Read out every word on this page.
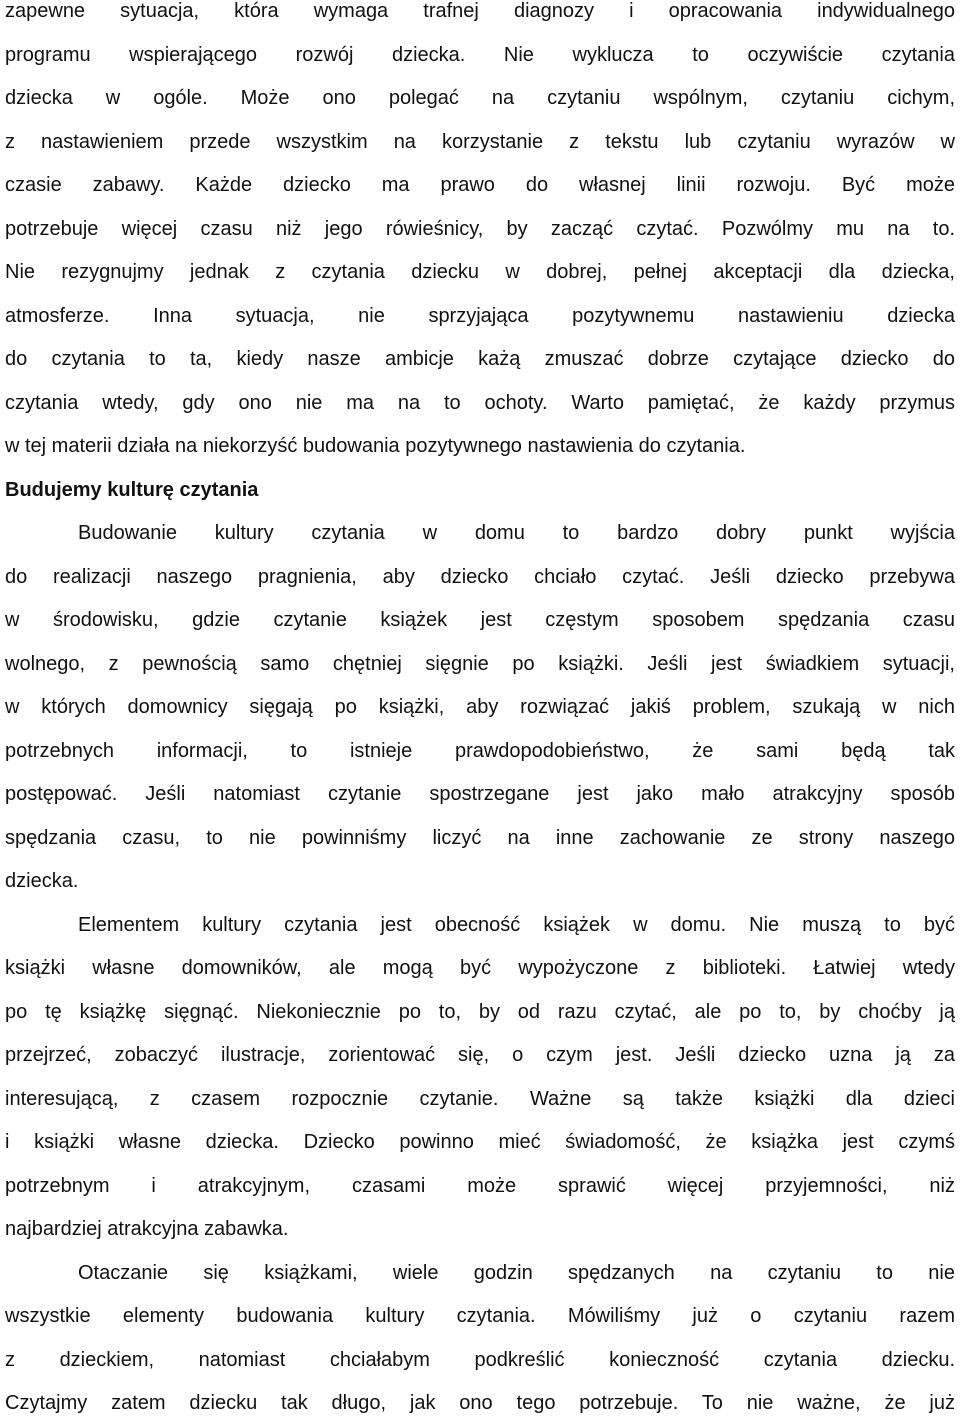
zapewne sytuacja, która wymaga trafnej diagnozy i opracowania indywidualnego
programu wspierającego rozwój dziecka. Nie wyklucza to oczywiście czytania
dziecka w ogóle. Może ono polegać na czytaniu wspólnym, czytaniu cichym,
z nastawieniem przede wszystkim na korzystanie z tekstu lub czytaniu wyrazów w
czasie zabawy. Każde dziecko ma prawo do własnej linii rozwoju. Być może
potrzebuje więcej czasu niż jego rówieśnicy, by zacząć czytać. Pozwólmy mu na to.
Nie rezygnujmy jednak z czytania dziecku w dobrej, pełnej akceptacji dla dziecka,
atmosferze. Inna sytuacja, nie sprzyjająca pozytywnemu nastawieniu dziecka
do czytania to ta, kiedy nasze ambicje każą zmuszać dobrze czytające dziecko do
czytania wtedy, gdy ono nie ma na to ochoty. Warto pamiętać, że każdy przymus
w tej materii działa na niekorzyść budowania pozytywnego nastawienia do czytania.
Budujemy kulturę czytania
Budowanie kultury czytania w domu to bardzo dobry punkt wyjścia
do realizacji naszego pragnienia, aby dziecko chciało czytać. Jeśli dziecko przebywa
w środowisku, gdzie czytanie książek jest częstym sposobem spędzania czasu
wolnego, z pewnością samo chętniej sięgnie po książki. Jeśli jest świadkiem sytuacji,
w których domownicy sięgają po książki, aby rozwiązać jakiś problem, szukają w nich
potrzebnych informacji, to istnieje prawdopodobieństwo, że sami będą tak
postępować. Jeśli natomiast czytanie spostrzegane jest jako mało atrakcyjny sposób
spędzania czasu, to nie powinniśmy liczyć na inne zachowanie ze strony naszego
dziecka.
Elementem kultury czytania jest obecność książek w domu. Nie muszą to być
książki własne domowników, ale mogą być wypożyczone z biblioteki. Łatwiej wtedy
po tę książkę sięgnąć. Niekoniecznie po to, by od razu czytać, ale po to, by choćby ją
przejrzeć, zobaczyć ilustracje, zorientować się, o czym jest. Jeśli dziecko uzna ją za
interesującą, z czasem rozpocznie czytanie. Ważne są także książki dla dzieci
i książki własne dziecka. Dziecko powinno mieć świadomość, że książka jest czymś
potrzebnym i atrakcyjnym, czasami może sprawić więcej przyjemności, niż
najbardziej atrakcyjna zabawka.
Otaczanie się książkami, wiele godzin spędzanych na czytaniu to nie
wszystkie elementy budowania kultury czytania. Mówiliśmy już o czytaniu razem
z dzieckiem, natomiast chciałabym podkreślić konieczność czytania dziecku.
Czytajmy zatem dziecku tak długo, jak ono tego potrzebuje. To nie ważne, że już
